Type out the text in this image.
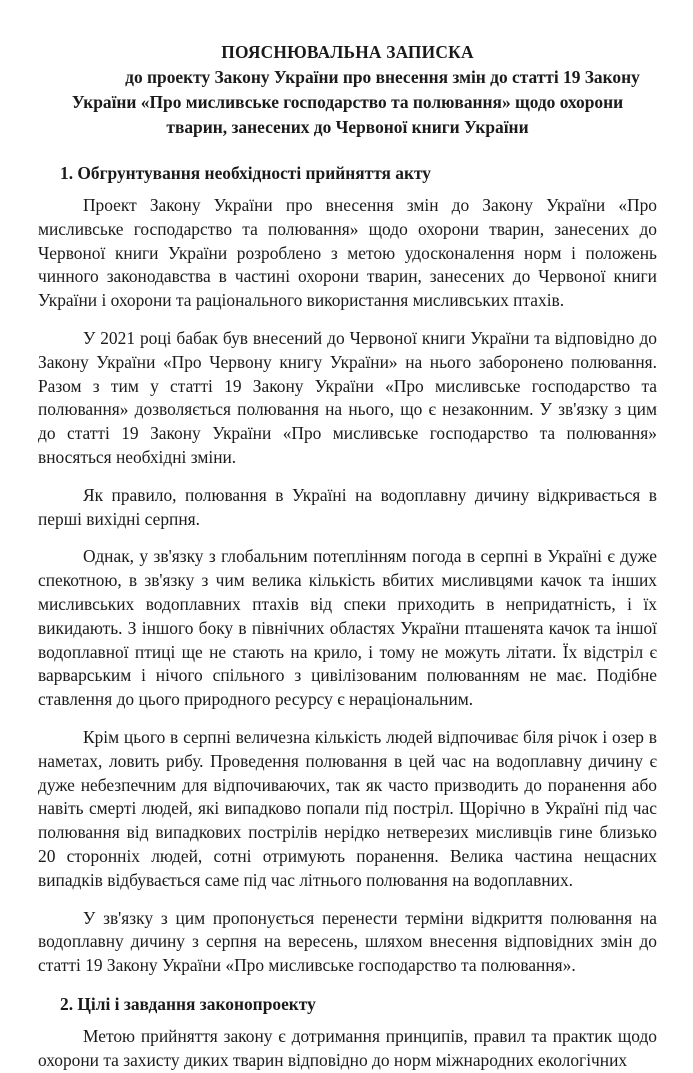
ПОЯСНЮВАЛЬНА ЗАПИСКА
до проекту Закону України про внесення змін до статті 19 Закону
України «Про мисливське господарство та полювання» щодо охорони
тварин, занесених до Червоної книги України
1. Обгрунтування необхідності прийняття акту

Проект Закону України про внесення змін до Закону України «Про мисливське господарство та полювання» щодо охорони тварин, занесених до Червоної книги України розроблено з метою удосконалення норм і положень чинного законодавства в частині охорони тварин, занесених до Червоної книги України і охорони та раціонального використання мисливських птахів.

У 2021 році бабак був внесений до Червоної книги України та відповідно до Закону України «Про Червону книгу України» на нього заборонено полювання. Разом з тим у статті 19 Закону України «Про мисливське господарство та полювання» дозволяється полювання на нього, що є незаконним. У зв'язку з цим до статті 19 Закону України «Про мисливське господарство та полювання» вносяться необхідні зміни.

Як правило, полювання в Україні на водоплавну дичину відкривається в перші вихідні серпня.

Однак, у зв'язку з глобальним потеплінням погода в серпні в Україні є дуже спекотною, в зв'язку з чим велика кількість вбитих мисливцями качок та інших мисливських водоплавних птахів від спеки приходить в непридатність, і їх викидають. З іншого боку в північних областях України пташенята качок та іншої водоплавної птиці ще не стають на крило, і тому не можуть літати. Їх відстріл є варварським і нічого спільного з цивілізованим полюванням не має. Подібне ставлення до цього природного ресурсу є нераціональним.

Крім цього в серпні величезна кількість людей відпочиває біля річок і озер в наметах, ловить рибу. Проведення полювання в цей час на водоплавну дичину є дуже небезпечним для відпочиваючих, так як часто призводить до поранення або навіть смерті людей, які випадково попали під постріл. Щорічно в Україні під час полювання від випадкових пострілів нерідко нетверезих мисливців гине близько 20 сторонніх людей, сотні отримують поранення. Велика частина нещасних випадків відбувається саме під час літнього полювання на водоплавних.

У зв'язку з цим пропонується перенести терміни відкриття полювання на водоплавну дичину з серпня на вересень, шляхом внесення відповідних змін до статті 19 Закону України «Про мисливське господарство та полювання».

2. Цілі і завдання законопроекту

Метою прийняття закону є дотримання принципів, правил та практик щодо охорони та захисту диких тварин відповідно до норм міжнародних екологічних
